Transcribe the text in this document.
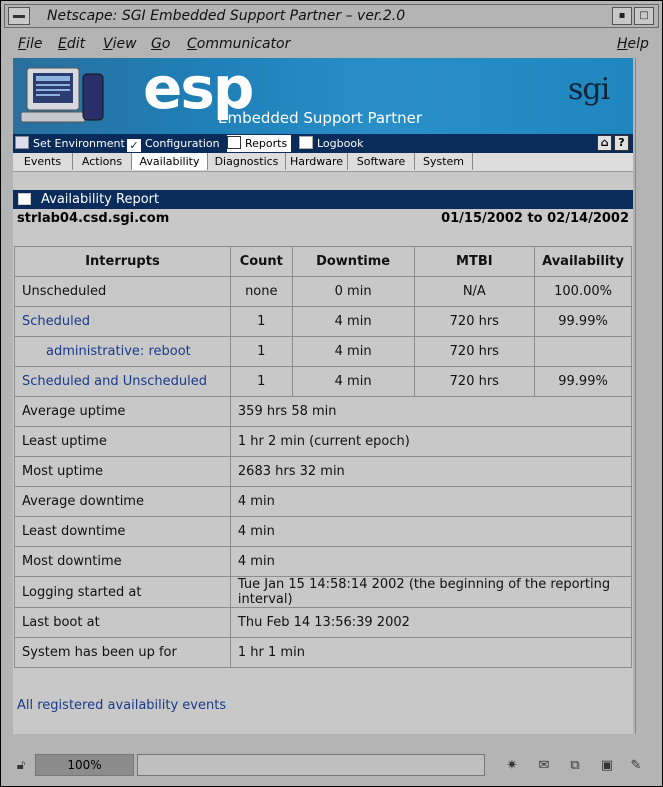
Netscape: SGI Embedded Support Partner – ver.2.0	▪	□
File Edit View Go Communicator	Help
esp
Embedded Support Partner
sgi
Set Environment ✓ Configuration	Reports	Logbook	⌂ ?
Events	Actions	Availability	Diagnostics	Hardware	Software	System
Availability Report
strlab04.csd.sgi.com	01/15/2002 to 02/14/2002
Interrupts	Count	Downtime	MTBI	Availability
Unscheduled	none	0 min	N/A	100.00%
Scheduled	1	4 min	720 hrs	99.99%
administrative: reboot	1	4 min	720 hrs	
Scheduled and Unscheduled	1	4 min	720 hrs	99.99%
Average uptime	359 hrs 58 min			
Least uptime	1 hr 2 min (current epoch)			
Most uptime	2683 hrs 32 min			
Average downtime	4 min			
Least downtime	4 min			
Most downtime	4 min			
Logging started at	Tue Jan 15 14:58:14 2002 (the beginning of the reporting interval)			
Last boot at	Thu Feb 14 13:56:39 2002			
System has been up for	1 hr 1 min			
All registered availability events
🔓︎	100%	✷	✉	⧉	▣	✎
